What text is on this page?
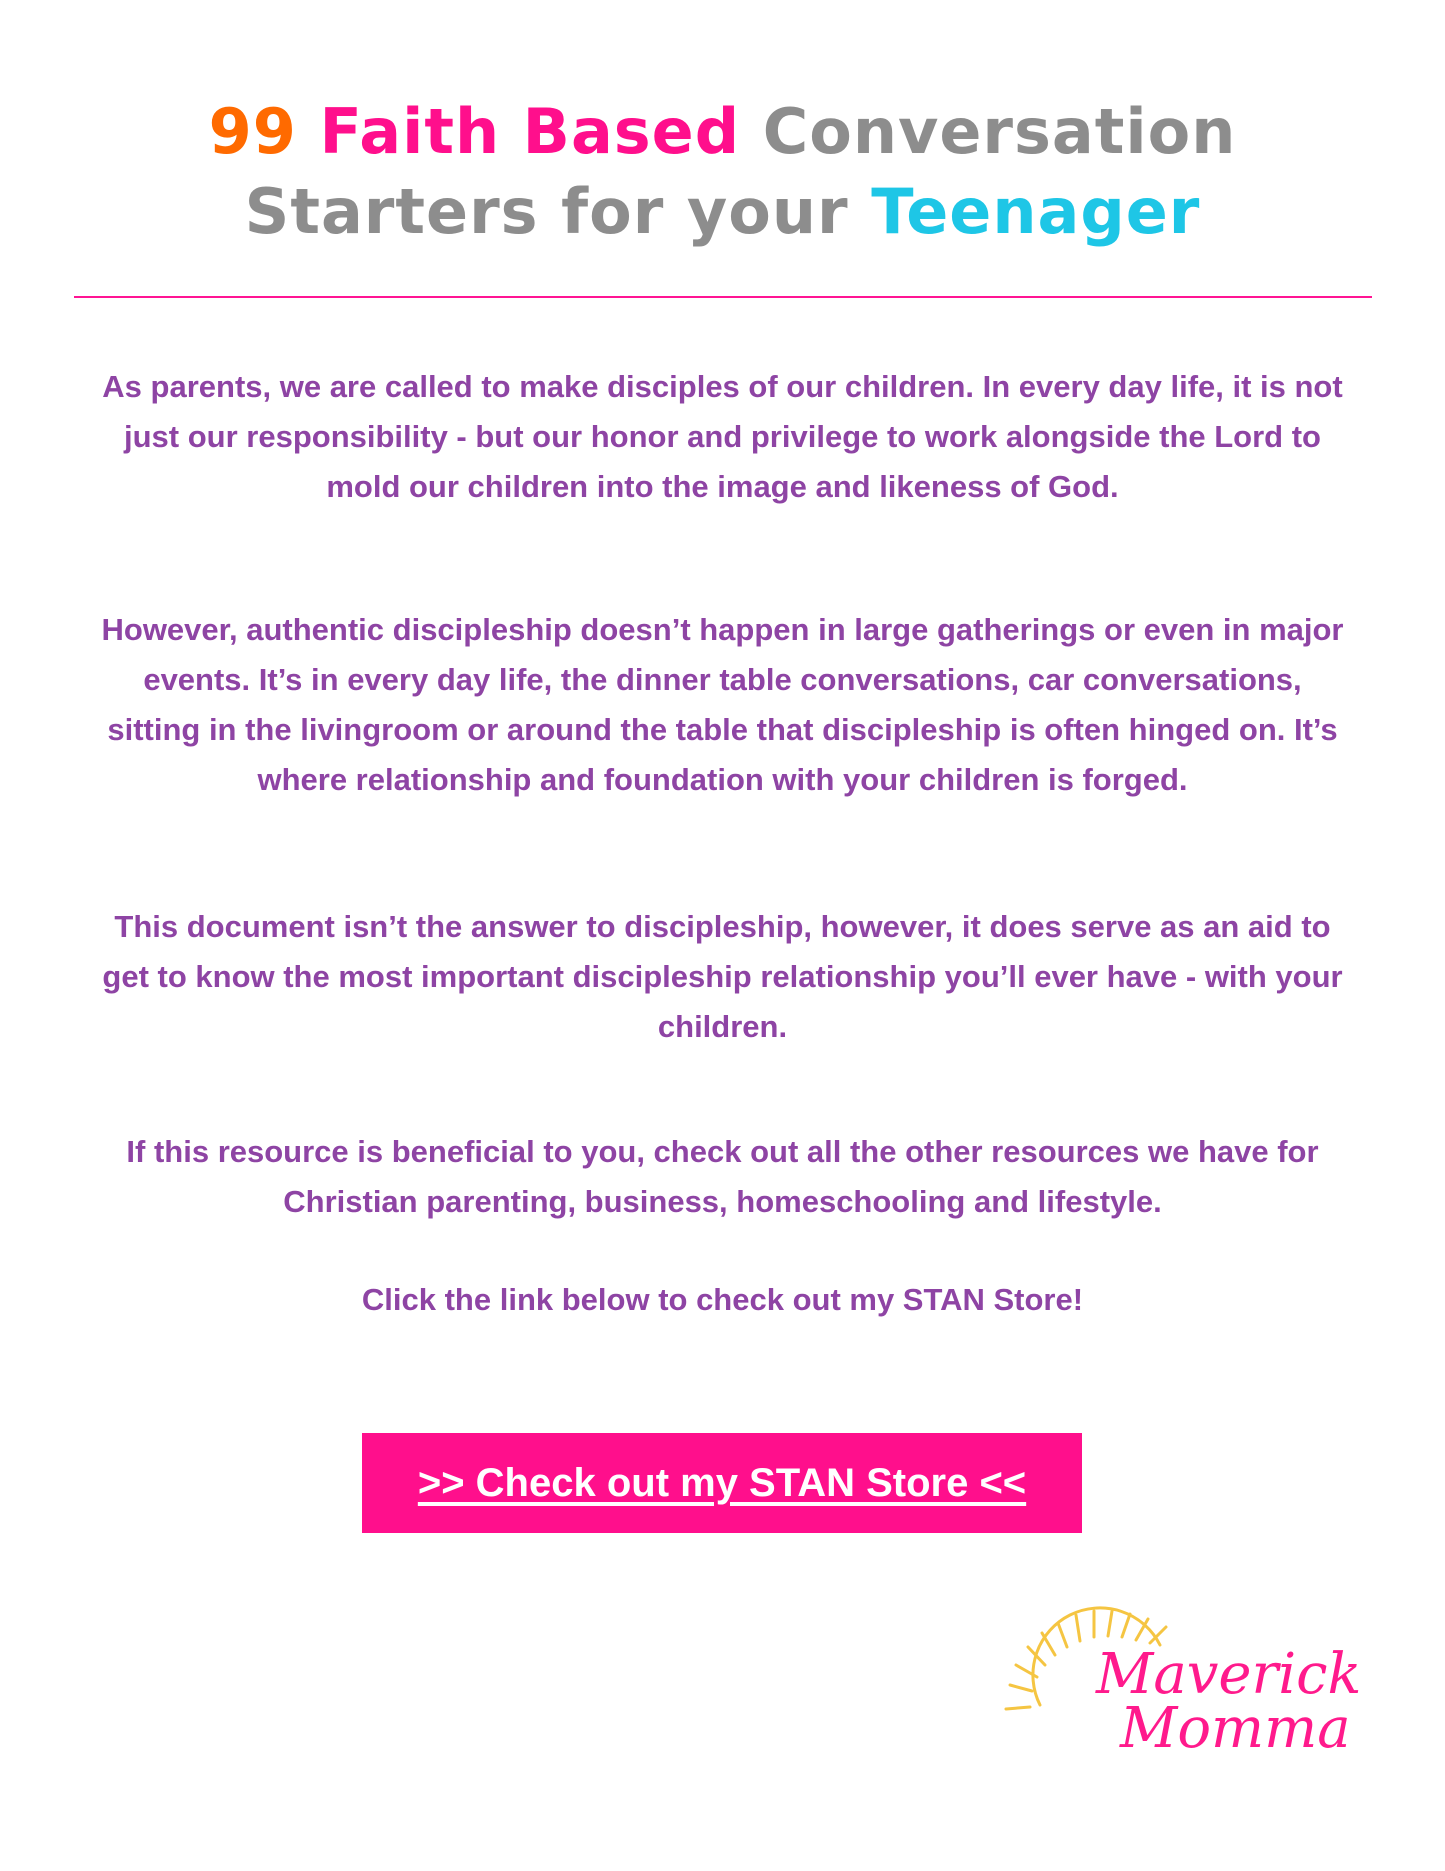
99 Faith Based Conversation
Starters for your Teenager

As parents, we are called to make disciples of our children. In every day life, it is not just our responsibility - but our honor and privilege to work alongside the Lord to mold our children into the image and likeness of God.

However, authentic discipleship doesn’t happen in large gatherings or even in major events. It’s in every day life, the dinner table conversations, car conversations, sitting in the livingroom or around the table that discipleship is often hinged on. It’s where relationship and foundation with your children is forged.

This document isn’t the answer to discipleship, however, it does serve as an aid to get to know the most important discipleship relationship you’ll ever have - with your children.

If this resource is beneficial to you, check out all the other resources we have for Christian parenting, business, homeschooling and lifestyle.

Click the link below to check out my STAN Store!

>> Check out my STAN Store <<
Maverick
Momma
